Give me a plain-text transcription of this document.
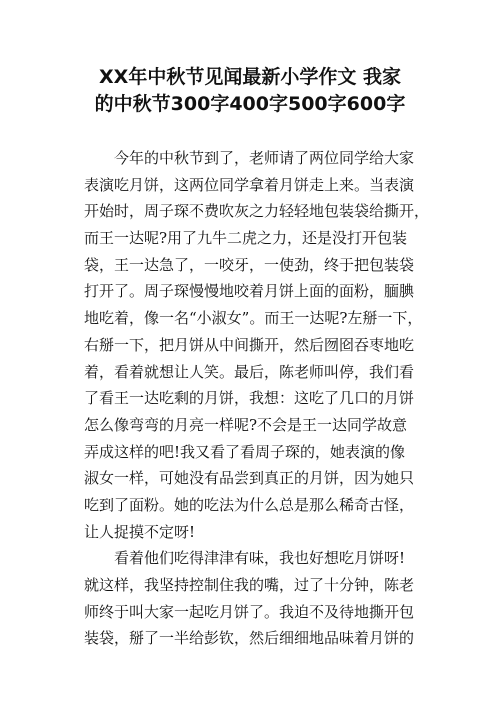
XX年中秋节见闻最新小学作文 我家
的中秋节300字400字500字600字
今年的中秋节到了，老师请了两位同学给大家
表演吃月饼，这两位同学拿着月饼走上来。当表演
开始时，周子琛不费吹灰之力轻轻地包装袋给撕开，
而王一达呢?用了九牛二虎之力，还是没打开包装
袋，王一达急了，一咬牙，一使劲，终于把包装袋
打开了。周子琛慢慢地咬着月饼上面的面粉，腼腆
地吃着，像一名“小淑女”。而王一达呢?左掰一下，
右掰一下，把月饼从中间撕开，然后囫囵吞枣地吃
着，看着就想让人笑。最后，陈老师叫停，我们看
了看王一达吃剩的月饼，我想：这吃了几口的月饼
怎么像弯弯的月亮一样呢?不会是王一达同学故意
弄成这样的吧!我又看了看周子琛的，她表演的像
淑女一样，可她没有品尝到真正的月饼，因为她只
吃到了面粉。她的吃法为什么总是那么稀奇古怪，
让人捉摸不定呀!
看着他们吃得津津有味，我也好想吃月饼呀!
就这样，我坚持控制住我的嘴，过了十分钟，陈老
师终于叫大家一起吃月饼了。我迫不及待地撕开包
装袋，掰了一半给彭钦，然后细细地品味着月饼的
